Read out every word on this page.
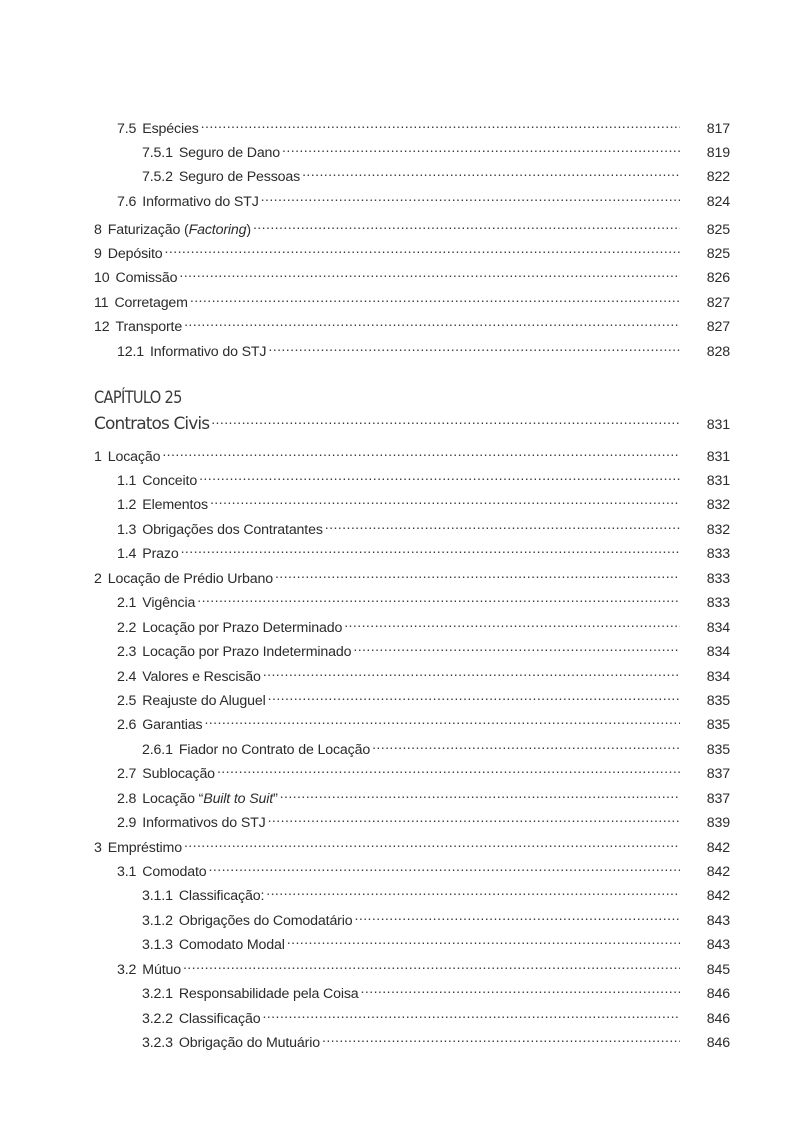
7.5 Espécies .....	817
7.5.1 Seguro de Dano .....	819
7.5.2 Seguro de Pessoas .....	822
7.6 Informativo do STJ .....	824
8 Faturização (Factoring) .....	825
9 Depósito .....	825
10 Comissão .....	826
11 Corretagem .....	827
12 Transporte .....	827
12.1 Informativo do STJ .....	828
CAPÍTULO 25
Contratos Civis .....	831
1 Locação .....	831
1.1 Conceito .....	831
1.2 Elementos .....	832
1.3 Obrigações dos Contratantes .....	832
1.4 Prazo .....	833
2 Locação de Prédio Urbano .....	833
2.1 Vigência .....	833
2.2 Locação por Prazo Determinado .....	834
2.3 Locação por Prazo Indeterminado .....	834
2.4 Valores e Rescisão .....	834
2.5 Reajuste do Aluguel .....	835
2.6 Garantias .....	835
2.6.1 Fiador no Contrato de Locação .....	835
2.7 Sublocação .....	837
2.8 Locação “Built to Suit” .....	837
2.9 Informativos do STJ .....	839
3 Empréstimo .....	842
3.1 Comodato .....	842
3.1.1 Classificação: .....	842
3.1.2 Obrigações do Comodatário .....	843
3.1.3 Comodato Modal .....	843
3.2 Mútuo .....	845
3.2.1 Responsabilidade pela Coisa .....	846
3.2.2 Classificação .....	846
3.2.3 Obrigação do Mutuário .....	846
